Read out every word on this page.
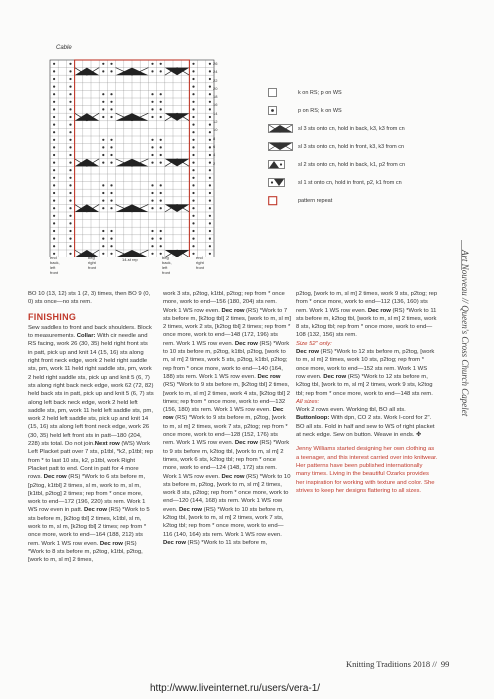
Cable
26
24
22
20
18
16
14
12
10
8
6
4
2
end
back,
left
front
beg
right
front
14-st rep	beg
back,
left
front
end
right
front
k on RS; p on WS
p on RS; k on WS
sl 3 sts onto cn, hold in back, k3, k3 from cn
sl 3 sts onto cn, hold in front, k3, k3 from cn
sl 2 sts onto cn, hold in back, k1, p2 from cn
sl 1 st onto cn, hold in front, p2, k1 from cn
pattern repeat
Art Nouveau // Queen's Cross Church Capelet

BO 10 (13, 12) sts 1 (2, 3) times, then BO 9 (0, 0) sts once—no sts rem.

FINISHING

Sew saddles to front and back shoulders. Block to measurements. Collar: With cir needle and RS facing, work 26 (30, 35) held right front sts in patt, pick up and knit 14 (15, 16) sts along right front neck edge, work 2 held right saddle sts, pm, work 11 held right saddle sts, pm, work 2 held right saddle sts, pick up and knit 5 (6, 7) sts along right back neck edge, work 62 (72, 82) held back sts in patt, pick up and knit 5 (6, 7) sts along left back neck edge, work 2 held left saddle sts, pm, work 11 held left saddle sts, pm, work 2 held left saddle sts, pick up and knit 14 (15, 16) sts along left front neck edge, work 26 (30, 35) held left front sts in patt—180 (204, 228) sts total. Do not join.Next row (WS) Work Left Placket patt over 7 sts, p1tbl, *k2, p1tbl; rep from * to last 10 sts, k2, p1tbl, work Right Placket patt to end. Cont in patt for 4 more rows. Dec row (RS) *Work to 6 sts before m, [p2tog, k1tbl] 2 times, sl m, work to m, sl m, [k1tbl, p2tog] 2 times; rep from * once more, work to end—172 (196, 220) sts rem. Work 1 WS row even in patt. Dec row (RS) *Work to 5 sts before m, [k2tog tbl] 2 times, k1tbl, sl m, work to m, sl m, [k2tog tbl] 2 times; rep from * once more, work to end—164 (188, 212) sts rem. Work 1 WS row even. Dec row (RS) *Work to 8 sts before m, p2tog, k1tbl, p2tog, [work to m, sl m] 2 times,

work 3 sts, p2tog, k1tbl, p2tog; rep from * once more, work to end—156 (180, 204) sts rem. Work 1 WS row even. Dec row (RS) *Work to 7 sts before m, [k2tog tbl] 2 times, [work to m, sl m] 2 times, work 2 sts, [k2tog tbl] 2 times; rep from * once more, work to end—148 (172, 196) sts rem. Work 1 WS row even. Dec row (RS) *Work to 10 sts before m, p2tog, k1tbl, p2tog, [work to m, sl m] 2 times, work 5 sts, p2tog, k1tbl, p2tog; rep from * once more, work to end—140 (164, 188) sts rem. Work 1 WS row even. Dec row (RS) *Work to 9 sts before m, [k2tog tbl] 2 times, [work to m, sl m] 2 times, work 4 sts, [k2tog tbl] 2 times; rep from * once more, work to end—132 (156, 180) sts rem. Work 1 WS row even. Dec row (RS) *Work to 9 sts before m, p2tog, [work to m, sl m] 2 times, work 7 sts, p2tog; rep from * once more, work to end—128 (152, 176) sts rem. Work 1 WS row even. Dec row (RS) *Work to 9 sts before m, k2tog tbl, [work to m, sl m] 2 times, work 6 sts, k2tog tbl; rep from * once more, work to end—124 (148, 172) sts rem. Work 1 WS row even. Dec row (RS) *Work to 10 sts before m, p2tog, [work to m, sl m] 2 times, work 8 sts, p2tog; rep from * once more, work to end—120 (144, 168) sts rem. Work 1 WS row even. Dec row (RS) *Work to 10 sts before m, k2tog tbl, [work to m, sl m] 2 times, work 7 sts, k2tog tbl; rep from * once more, work to end—116 (140, 164) sts rem. Work 1 WS row even. Dec row (RS) *Work to 11 sts before m,

p2tog, [work to m, sl m] 2 times, work 9 sts, p2tog; rep from * once more, work to end—112 (136, 160) sts rem. Work 1 WS row even. Dec row (RS) *Work to 11 sts before m, k2tog tbl, [work to m, sl m] 2 times, work 8 sts, k2tog tbl; rep from * once more, work to end—108 (132, 156) sts rem.

Size 52" only:

Dec row (RS) *Work to 12 sts before m, p2tog, [work to m, sl m] 2 times, work 10 sts, p2tog; rep from * once more, work to end—152 sts rem. Work 1 WS row even. Dec row (RS) *Work to 12 sts before m, k2tog tbl, [work to m, sl m] 2 times, work 9 sts, k2tog tbl; rep from * once more, work to end—148 sts rem.

All sizes:

Work 2 rows even. Working tbl, BO all sts. Buttonloop: With dpn, CO 2 sts. Work I-cord for 2". BO all sts. Fold in half and sew to WS of right placket at neck edge. Sew on button. Weave in ends. ✤

Jenny Williams started designing her own clothing as a teenager, and this interest carried over into knitwear. Her patterns have been published internationally many times. Living in the beautiful Ozarks provides her inspiration for working with texture and color. She strives to keep her designs flattering to all sizes.

Knitting Traditions 2018 // 99
http://www.liveinternet.ru/users/vera-1/
